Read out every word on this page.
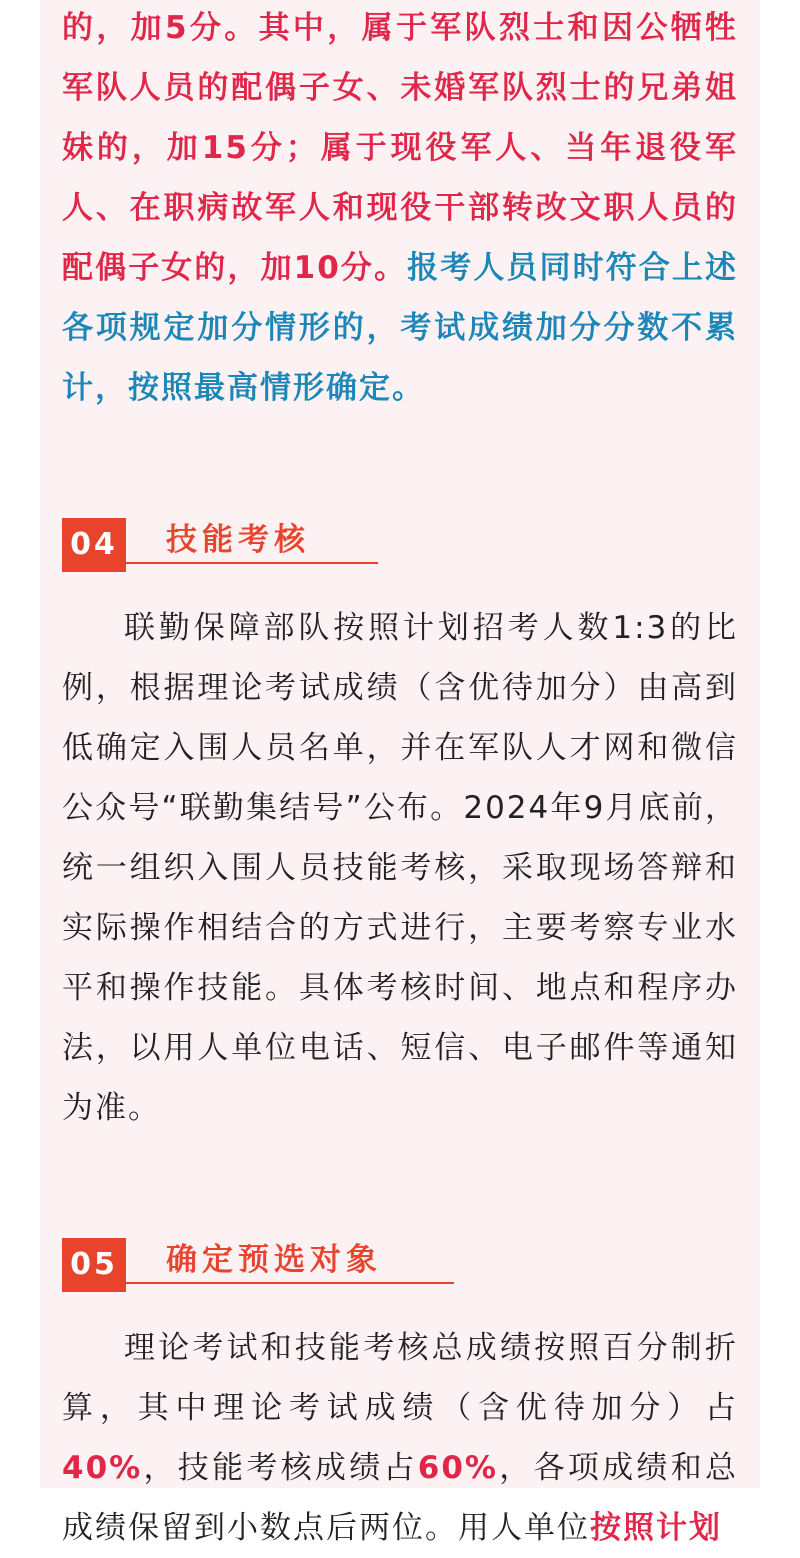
的，加5分。其中，属于军队烈士和因公牺牲军队人员的配偶子女、未婚军队烈士的兄弟姐妹的，加15分；属于现役军人、当年退役军人、在职病故军人和现役干部转改文职人员的配偶子女的，加10分。报考人员同时符合上述各项规定加分情形的，考试成绩加分分数不累计，按照最高情形确定。

04 技能考核

联勤保障部队按照计划招考人数1:3的比例，根据理论考试成绩（含优待加分）由高到低确定入围人员名单，并在军队人才网和微信公众号“联勤集结号”公布。2024年9月底前，统一组织入围人员技能考核，采取现场答辩和实际操作相结合的方式进行，主要考察专业水平和操作技能。具体考核时间、地点和程序办法，以用人单位电话、短信、电子邮件等通知为准。

05 确定预选对象

理论考试和技能考核总成绩按照百分制折算，其中理论考试成绩（含优待加分）占40%，技能考核成绩占60%，各项成绩和总成绩保留到小数点后两位。用人单位按照计划
